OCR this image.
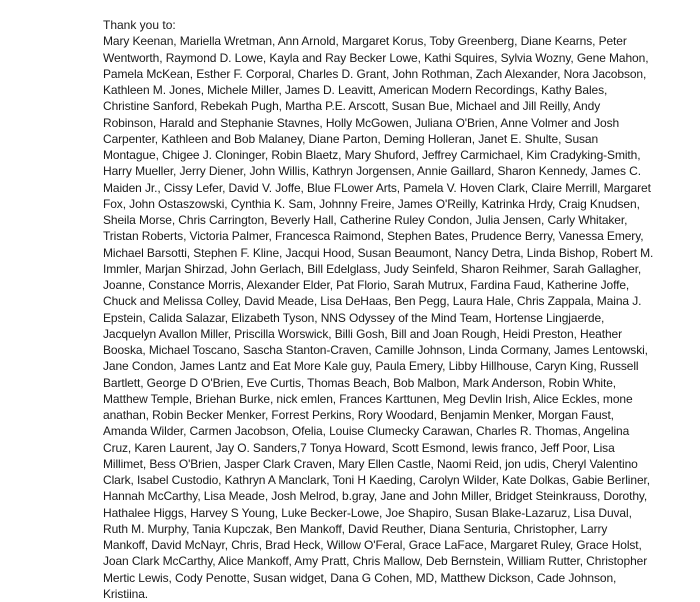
Thank you to:

Mary Keenan, Mariella Wretman, Ann Arnold, Margaret Korus, Toby Greenberg, Diane Kearns, Peter
Wentworth, Raymond D. Lowe, Kayla and Ray Becker Lowe, Kathi Squires, Sylvia Wozny, Gene Mahon,
Pamela McKean, Esther F. Corporal, Charles D. Grant, John Rothman, Zach Alexander, Nora Jacobson,
Kathleen M. Jones, Michele Miller, James D. Leavitt, American Modern Recordings, Kathy Bales,
Christine Sanford, Rebekah Pugh, Martha P.E. Arscott, Susan Bue, Michael and Jill Reilly, Andy
Robinson, Harald and Stephanie Stavnes, Holly McGowen, Juliana O'Brien, Anne Volmer and Josh
Carpenter, Kathleen and Bob Malaney, Diane Parton, Deming Holleran, Janet E. Shulte, Susan
Montague, Chigee J. Cloninger, Robin Blaetz, Mary Shuford, Jeffrey Carmichael, Kim Cradyking-Smith,
Harry Mueller, Jerry Diener, John Willis, Kathryn Jorgensen, Annie Gaillard, Sharon Kennedy, James C.
Maiden Jr., Cissy Lefer, David V. Joffe, Blue FLower Arts, Pamela V. Hoven Clark, Claire Merrill, Margaret
Fox, John Ostaszowski, Cynthia K. Sam, Johnny Freire, James O'Reilly, Katrinka Hrdy, Craig Knudsen,
Sheila Morse, Chris Carrington, Beverly Hall, Catherine Ruley Condon, Julia Jensen, Carly Whitaker,
Tristan Roberts, Victoria Palmer, Francesca Raimond, Stephen Bates, Prudence Berry, Vanessa Emery,
Michael Barsotti, Stephen F. Kline, Jacqui Hood, Susan Beaumont, Nancy Detra, Linda Bishop, Robert M.
Immler, Marjan Shirzad, John Gerlach, Bill Edelglass, Judy Seinfeld, Sharon Reihmer, Sarah Gallagher,
Joanne, Constance Morris, Alexander Elder, Pat Florio, Sarah Mutrux, Fardina Faud, Katherine Joffe,
Chuck and Melissa Colley, David Meade, Lisa DeHaas, Ben Pegg, Laura Hale, Chris Zappala, Maina J.
Epstein, Calida Salazar, Elizabeth Tyson, NNS Odyssey of the Mind Team, Hortense Lingjaerde,
Jacquelyn Avallon Miller, Priscilla Worswick, Billi Gosh, Bill and Joan Rough, Heidi Preston, Heather
Booska, Michael Toscano, Sascha Stanton-Craven, Camille Johnson, Linda Cormany, James Lentowski,
Jane Condon, James Lantz and Eat More Kale guy, Paula Emery, Libby Hillhouse, Caryn King, Russell
Bartlett, George D O'Brien, Eve Curtis, Thomas Beach, Bob Malbon, Mark Anderson, Robin White,
Matthew Temple, Briehan Burke, nick emlen, Frances Karttunen, Meg Devlin Irish, Alice Eckles, mone
anathan, Robin Becker Menker, Forrest Perkins, Rory Woodard, Benjamin Menker, Morgan Faust,
Amanda Wilder, Carmen Jacobson, Ofelia, Louise Clumecky Carawan, Charles R. Thomas, Angelina
Cruz, Karen Laurent, Jay O. Sanders,7 Tonya Howard, Scott Esmond, lewis franco, Jeff Poor, Lisa
Millimet, Bess O'Brien, Jasper Clark Craven, Mary Ellen Castle, Naomi Reid, jon udis, Cheryl Valentino
Clark, Isabel Custodio, Kathryn A Manclark, Toni H Kaeding, Carolyn Wilder, Kate Dolkas, Gabie Berliner,
Hannah McCarthy, Lisa Meade, Josh Melrod, b.gray, Jane and John Miller, Bridget Steinkrauss, Dorothy,
Hathalee Higgs, Harvey S Young, Luke Becker-Lowe, Joe Shapiro, Susan Blake-Lazaruz, Lisa Duval,
Ruth M. Murphy, Tania Kupczak, Ben Mankoff, David Reuther, Diana Senturia, Christopher, Larry
Mankoff, David McNayr, Chris, Brad Heck, Willow O'Feral, Grace LaFace, Margaret Ruley, Grace Holst,
Joan Clark McCarthy, Alice Mankoff, Amy Pratt, Chris Mallow, Deb Bernstein, William Rutter, Christopher
Mertic Lewis, Cody Penotte, Susan widget, Dana G Cohen, MD, Matthew Dickson, Cade Johnson,
Kristiina.
